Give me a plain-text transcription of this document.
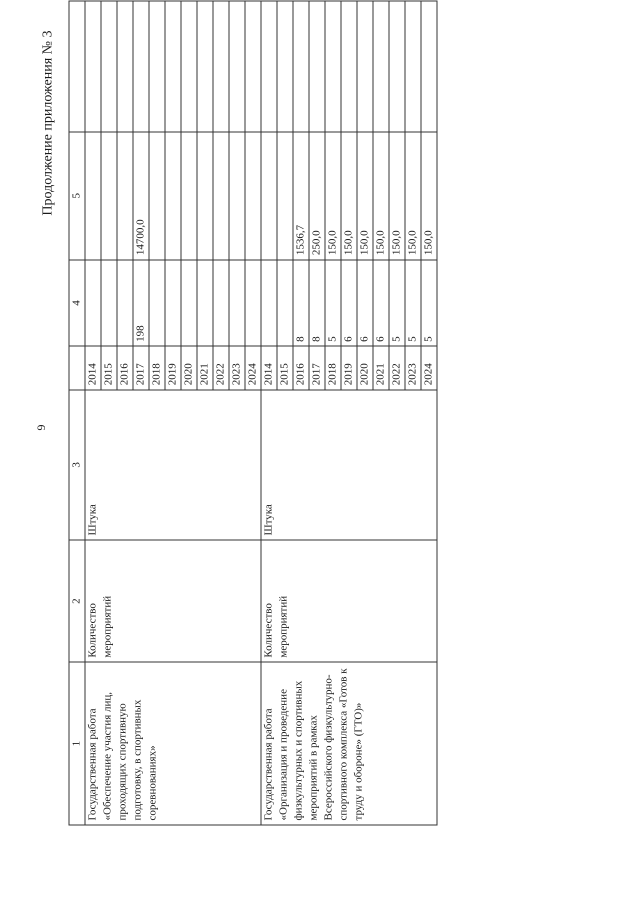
6
Продолжение приложения № 3
1	2	3		4	5	
Государственная работа «Обеспечение участия лиц, проходящих спортивную подготовку, в спортивных соревнованиях»	Количество мероприятий	Штука	2014			
			2015			
			2016			
			2017	198	14700,0	
			2018			
			2019			
			2020			
			2021			
			2022			
			2023			
			2024			
Государственная работа «Организация и проведение физкультурных и спортивных мероприятий в рамках Всероссийского физкультурно-спортивного комплекса «Готов к труду и обороне» (ГТО)»	Количество мероприятий	Штука	2014			
			2015			
			2016	8	1536,7	
			2017	8	250,0	
			2018	5	150,0	
			2019	6	150,0	
			2020	6	150,0	
			2021	6	150,0	
			2022	5	150,0	
			2023	5	150,0	
			2024	5	150,0	
